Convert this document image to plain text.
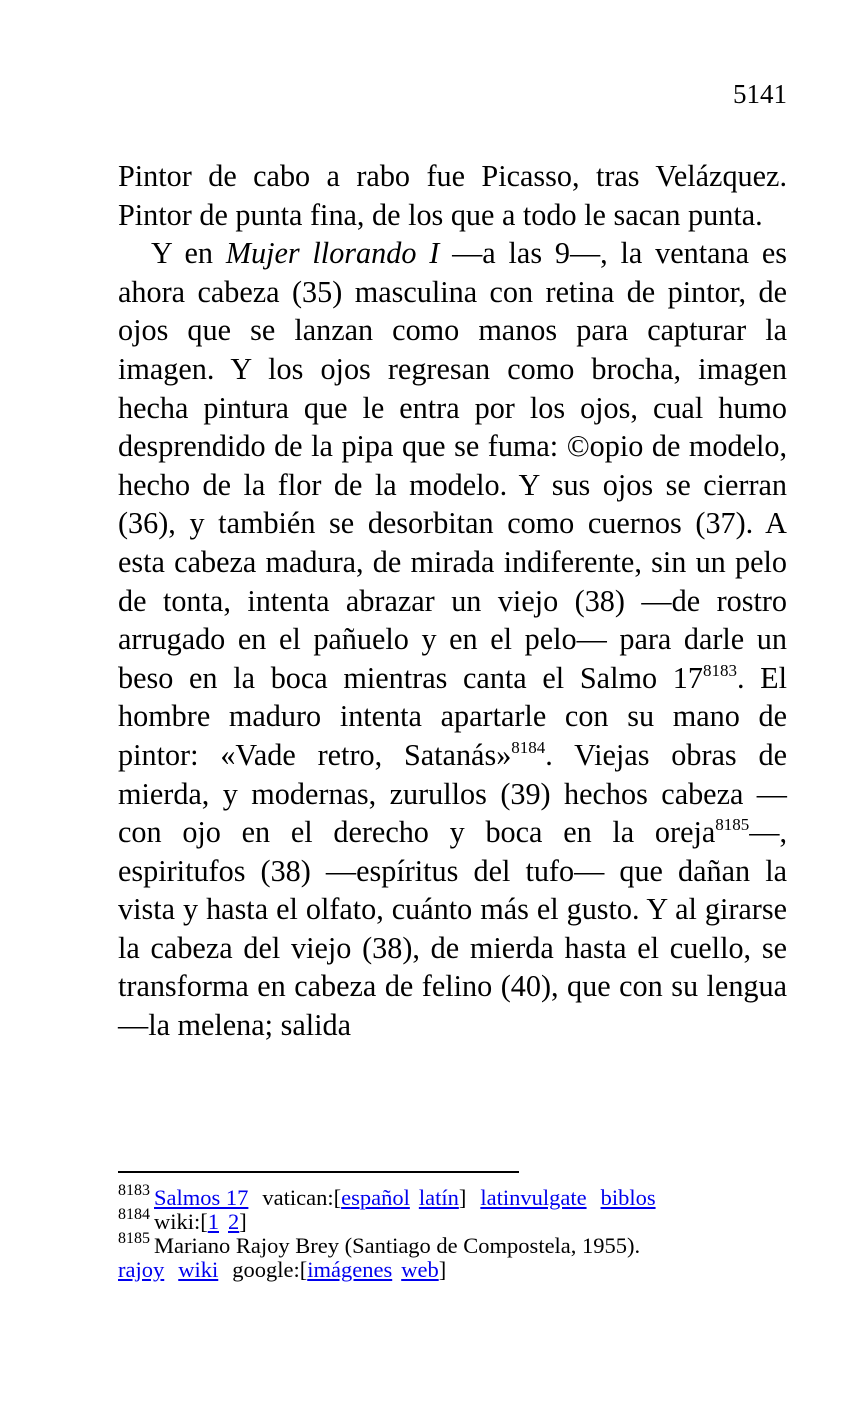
5141

Pintor de cabo a rabo fue Picasso, tras Velázquez. Pintor de punta fina, de los que a todo le sacan punta.

Y en Mujer llorando I —a las 9—, la ventana es ahora cabeza (35) masculina con retina de pintor, de ojos que se lanzan como manos para capturar la imagen. Y los ojos regresan como brocha, imagen hecha pintura que le entra por los ojos, cual humo desprendido de la pipa que se fuma: ©opio de modelo, hecho de la flor de la modelo. Y sus ojos se cierran (36), y también se desorbitan como cuernos (37). A esta cabeza madura, de mirada indiferente, sin un pelo de tonta, intenta abrazar un viejo (38) —de rostro arrugado en el pañuelo y en el pelo— para darle un beso en la boca mientras canta el Salmo $17^{8183}$. El hombre maduro intenta apartarle con su mano de pintor: «Vade retro, Satanás»$^{8184}$. Viejas obras de mierda, y modernas, zurullos (39) hechos cabeza —con ojo en el derecho y boca en la oreja$^{8185}$—, espiritufos (38) —espíritus del tufo— que dañan la vista y hasta el olfato, cuánto más el gusto. Y al girarse la cabeza del viejo (38), de mierda hasta el cuello, se transforma en cabeza de felino (40), que con su lengua —la melena; salida

$^{8183}$ Salmos 17 vatican:[español latín] latinvulgate biblos
$^{8184}$ wiki:[1 2]
$^{8185}$ Mariano Rajoy Brey (Santiago de Compostela, 1955).
rajoy wiki google:[imágenes web]
